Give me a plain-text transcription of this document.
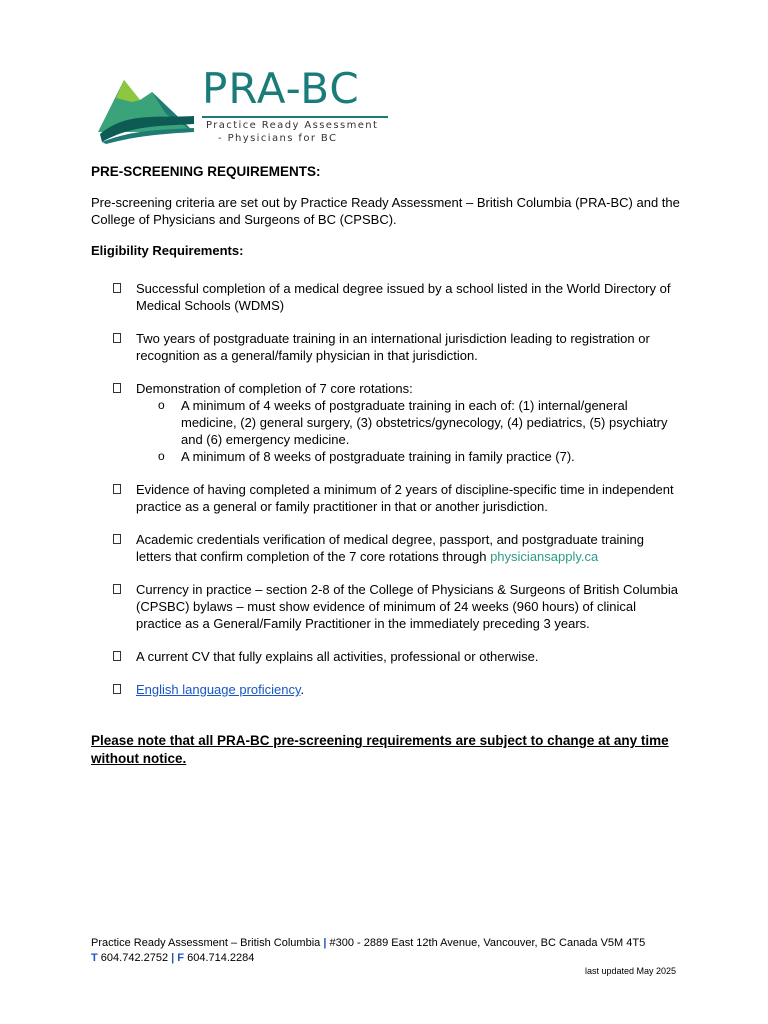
PRA-BC
Practice Ready Assessment
- Physicians for BC
PRE-SCREENING REQUIREMENTS:

Pre-screening criteria are set out by Practice Ready Assessment – British Columbia (PRA-BC) and the College of Physicians and Surgeons of BC (CPSBC).

Eligibility Requirements:
Successful completion of a medical degree issued by a school listed in the World Directory of Medical Schools (WDMS)
Two years of postgraduate training in an international jurisdiction leading to registration or recognition as a general/family physician in that jurisdiction.
Demonstration of completion of 7 core rotations:
o A minimum of 4 weeks of postgraduate training in each of: (1) internal/general medicine, (2) general surgery, (3) obstetrics/gynecology, (4) pediatrics, (5) psychiatry and (6) emergency medicine.
o A minimum of 8 weeks of postgraduate training in family practice (7).
Evidence of having completed a minimum of 2 years of discipline-specific time in independent practice as a general or family practitioner in that or another jurisdiction.
Academic credentials verification of medical degree, passport, and postgraduate training letters that confirm completion of the 7 core rotations through physiciansapply.ca
Currency in practice – section 2-8 of the College of Physicians & Surgeons of British Columbia (CPSBC) bylaws – must show evidence of minimum of 24 weeks (960 hours) of clinical practice as a General/Family Practitioner in the immediately preceding 3 years.
A current CV that fully explains all activities, professional or otherwise.
English language proficiency.
Please note that all PRA-BC pre-screening requirements are subject to change at any time without notice.
Practice Ready Assessment – British Columbia | #300 - 2889 East 12th Avenue, Vancouver, BC Canada V5M 4T5
T 604.742.2752 | F 604.714.2284
last updated May 2025
